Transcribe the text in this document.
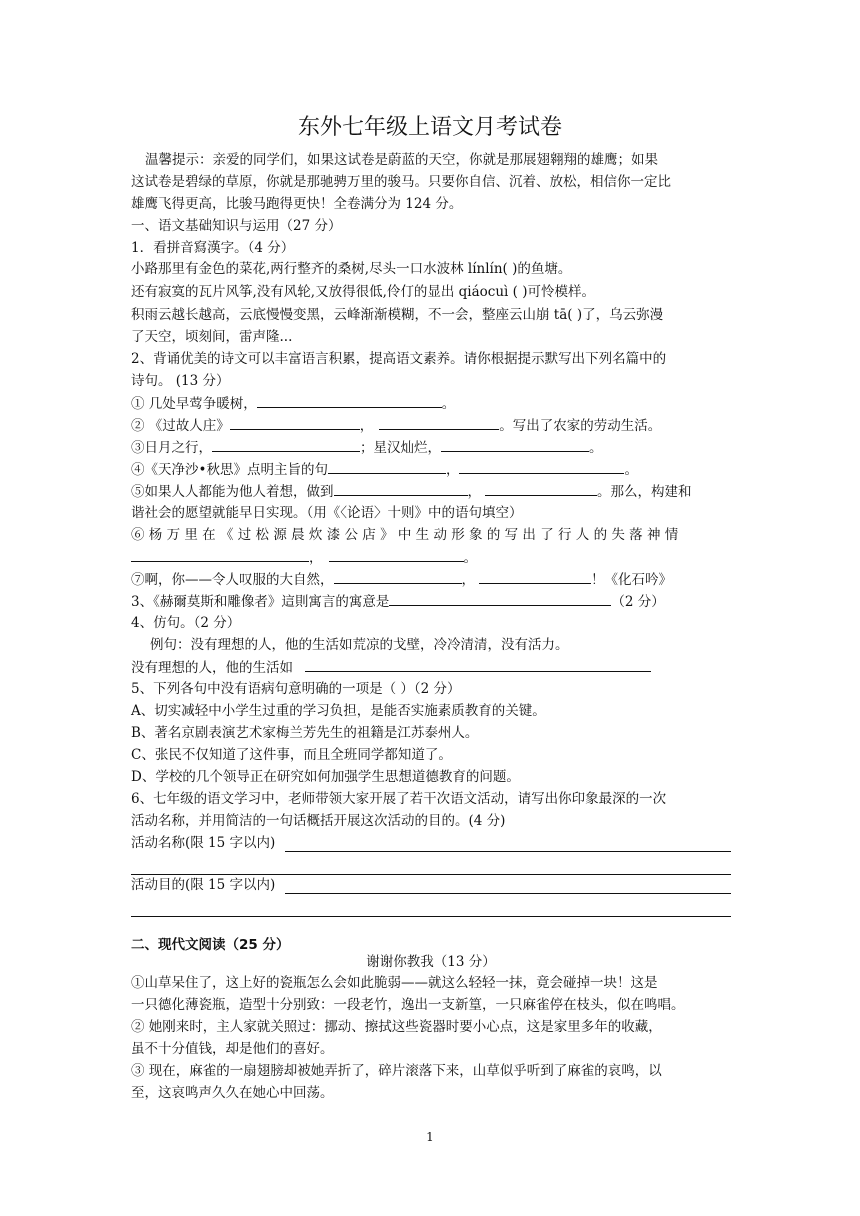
东外七年级上语文月考试卷
温馨提示：亲爱的同学们，如果这试卷是蔚蓝的天空，你就是那展翅翱翔的雄鹰；如果
这试卷是碧绿的草原，你就是那驰骋万里的骏马。只要你自信、沉着、放松，相信你一定比
雄鹰飞得更高，比骏马跑得更快！全卷满分为 124 分。
一、语文基础知识与运用（27 分）
1．看拼音寫漢字。（4 分）
小路那里有金色的菜花,两行整齐的桑树,尽头一口水波林 línlín( )的鱼塘。
还有寂寞的瓦片风筝,没有风轮,又放得很低,伶仃的显出 qiáocuì ( )可怜模样。
积雨云越长越高，云底慢慢变黑，云峰渐渐模糊，不一会，整座云山崩 tā( )了，乌云弥漫
了天空，顷刻间，雷声隆...
2、背诵优美的诗文可以丰富语言积累，提高语文素养。请你根据提示默写出下列名篇中的
诗句。 (13 分）
① 几处早莺争暖树，	。
② 《过故人庄》	，	。写出了农家的劳动生活。
③日月之行，	；星汉灿烂，	。
④《天净沙•秋思》点明主旨的句	，	。
⑤如果人人都能为他人着想，做到	，	。那么，构建和
谐社会的愿望就能早日实现。（用《〈论语〉十则》中的语句填空）
⑥ 杨 万 里 在 《 过 松 源 晨 炊 漆 公 店 》 中 生 动 形 象 的 写 出 了 行 人 的 失 落 神 情
，	。
⑦啊，你——令人叹服的大自然，	，	！《化石吟》
3、《赫爾莫斯和雕像者》這則寓言的寓意是	（2 分）
4、仿句。（2 分）
例句：没有理想的人，他的生活如荒凉的戈壁，冷冷清清，没有活力。
没有理想的人，他的生活如
5、下列各句中没有语病句意明确的一项是（ ）（2 分）
A、切实减轻中小学生过重的学习负担，是能否实施素质教育的关键。
B、著名京剧表演艺术家梅兰芳先生的祖籍是江苏泰州人。
C、张民不仅知道了这件事，而且全班同学都知道了。
D、学校的几个领导正在研究如何加强学生思想道德教育的问题。
6、七年级的语文学习中，老师带领大家开展了若干次语文活动，请写出你印象最深的一次
活动名称，并用简洁的一句话概括开展这次活动的目的。(4 分)
活动名称(限 15 字以内)
活动目的(限 15 字以内)
二、现代文阅读（25 分）
谢谢你教我（13 分）
①山草呆住了，这上好的瓷瓶怎么会如此脆弱——就这么轻轻一抹，竟会碰掉一块！这是
一只德化薄瓷瓶，造型十分别致：一段老竹，逸出一支新篁，一只麻雀停在枝头，似在鸣唱。
② 她刚来时，主人家就关照过：挪动、擦拭这些瓷器时要小心点，这是家里多年的收藏，
虽不十分值钱，却是他们的喜好。
③ 现在，麻雀的一扇翅膀却被她弄折了，碎片滚落下来，山草似乎听到了麻雀的哀鸣，以
至，这哀鸣声久久在她心中回荡。
1
